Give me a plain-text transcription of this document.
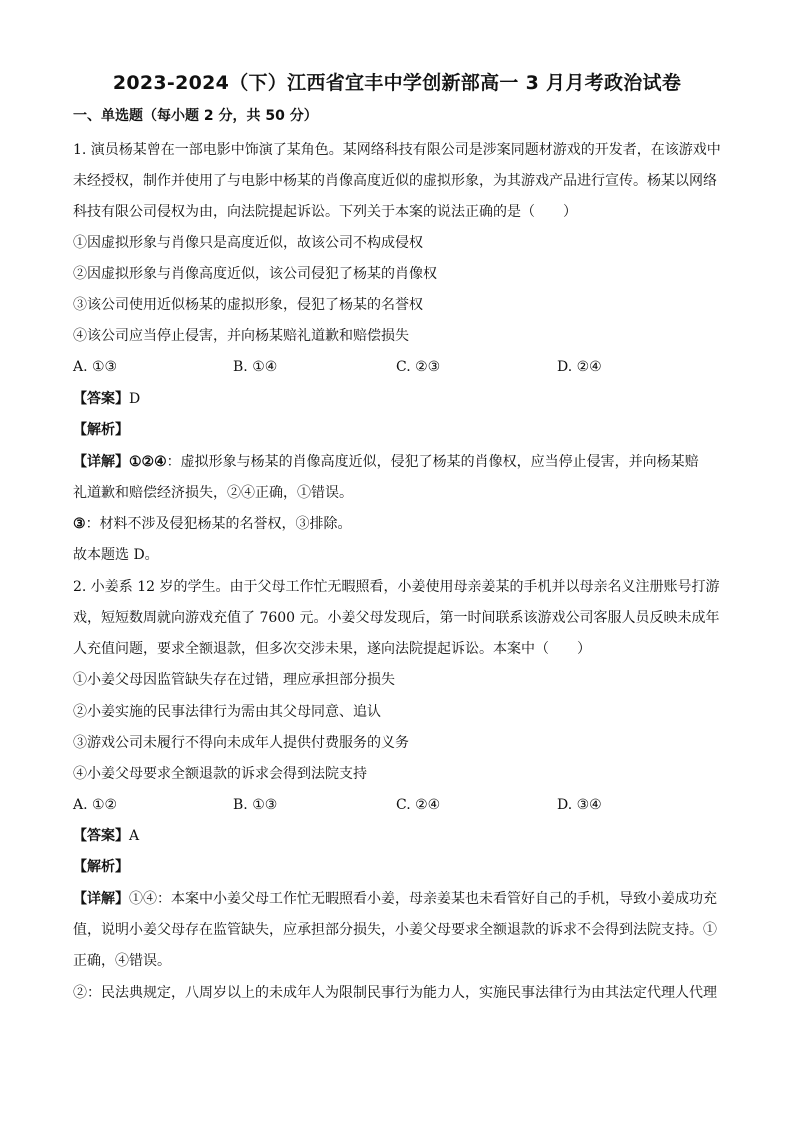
2023-2024（下）江西省宜丰中学创新部高一 3 月月考政治试卷
一、单选题（每小题 2 分，共 50 分）
1. 演员杨某曾在一部电影中饰演了某角色。某网络科技有限公司是涉案同题材游戏的开发者，在该游戏中
未经授权，制作并使用了与电影中杨某的肖像高度近似的虚拟形象，为其游戏产品进行宣传。杨某以网络
科技有限公司侵权为由，向法院提起诉讼。下列关于本案的说法正确的是（　　）
①因虚拟形象与肖像只是高度近似，故该公司不构成侵权
②因虚拟形象与肖像高度近似，该公司侵犯了杨某的肖像权
③该公司使用近似杨某的虚拟形象，侵犯了杨某的名誉权
④该公司应当停止侵害，并向杨某赔礼道歉和赔偿损失
A. ①③	B. ①④	C. ②③	D. ②④
【答案】D
【解析】
【详解】①②④：虚拟形象与杨某的肖像高度近似，侵犯了杨某的肖像权，应当停止侵害，并向杨某赔
礼道歉和赔偿经济损失，②④正确，①错误。
③：材料不涉及侵犯杨某的名誉权，③排除。
故本题选 D。
2. 小姜系 12 岁的学生。由于父母工作忙无暇照看，小姜使用母亲姜某的手机并以母亲名义注册账号打游
戏，短短数周就向游戏充值了 7600 元。小姜父母发现后，第一时间联系该游戏公司客服人员反映未成年
人充值问题，要求全额退款，但多次交涉未果，遂向法院提起诉讼。本案中（　　）
①小姜父母因监管缺失存在过错，理应承担部分损失
②小姜实施的民事法律行为需由其父母同意、追认
③游戏公司未履行不得向未成年人提供付费服务的义务
④小姜父母要求全额退款的诉求会得到法院支持
A. ①②	B. ①③	C. ②④	D. ③④
【答案】A
【解析】
【详解】①④：本案中小姜父母工作忙无暇照看小姜，母亲姜某也未看管好自己的手机，导致小姜成功充
值，说明小姜父母存在监管缺失，应承担部分损失，小姜父母要求全额退款的诉求不会得到法院支持。①
正确，④错误。
②：民法典规定，八周岁以上的未成年人为限制民事行为能力人，实施民事法律行为由其法定代理人代理
